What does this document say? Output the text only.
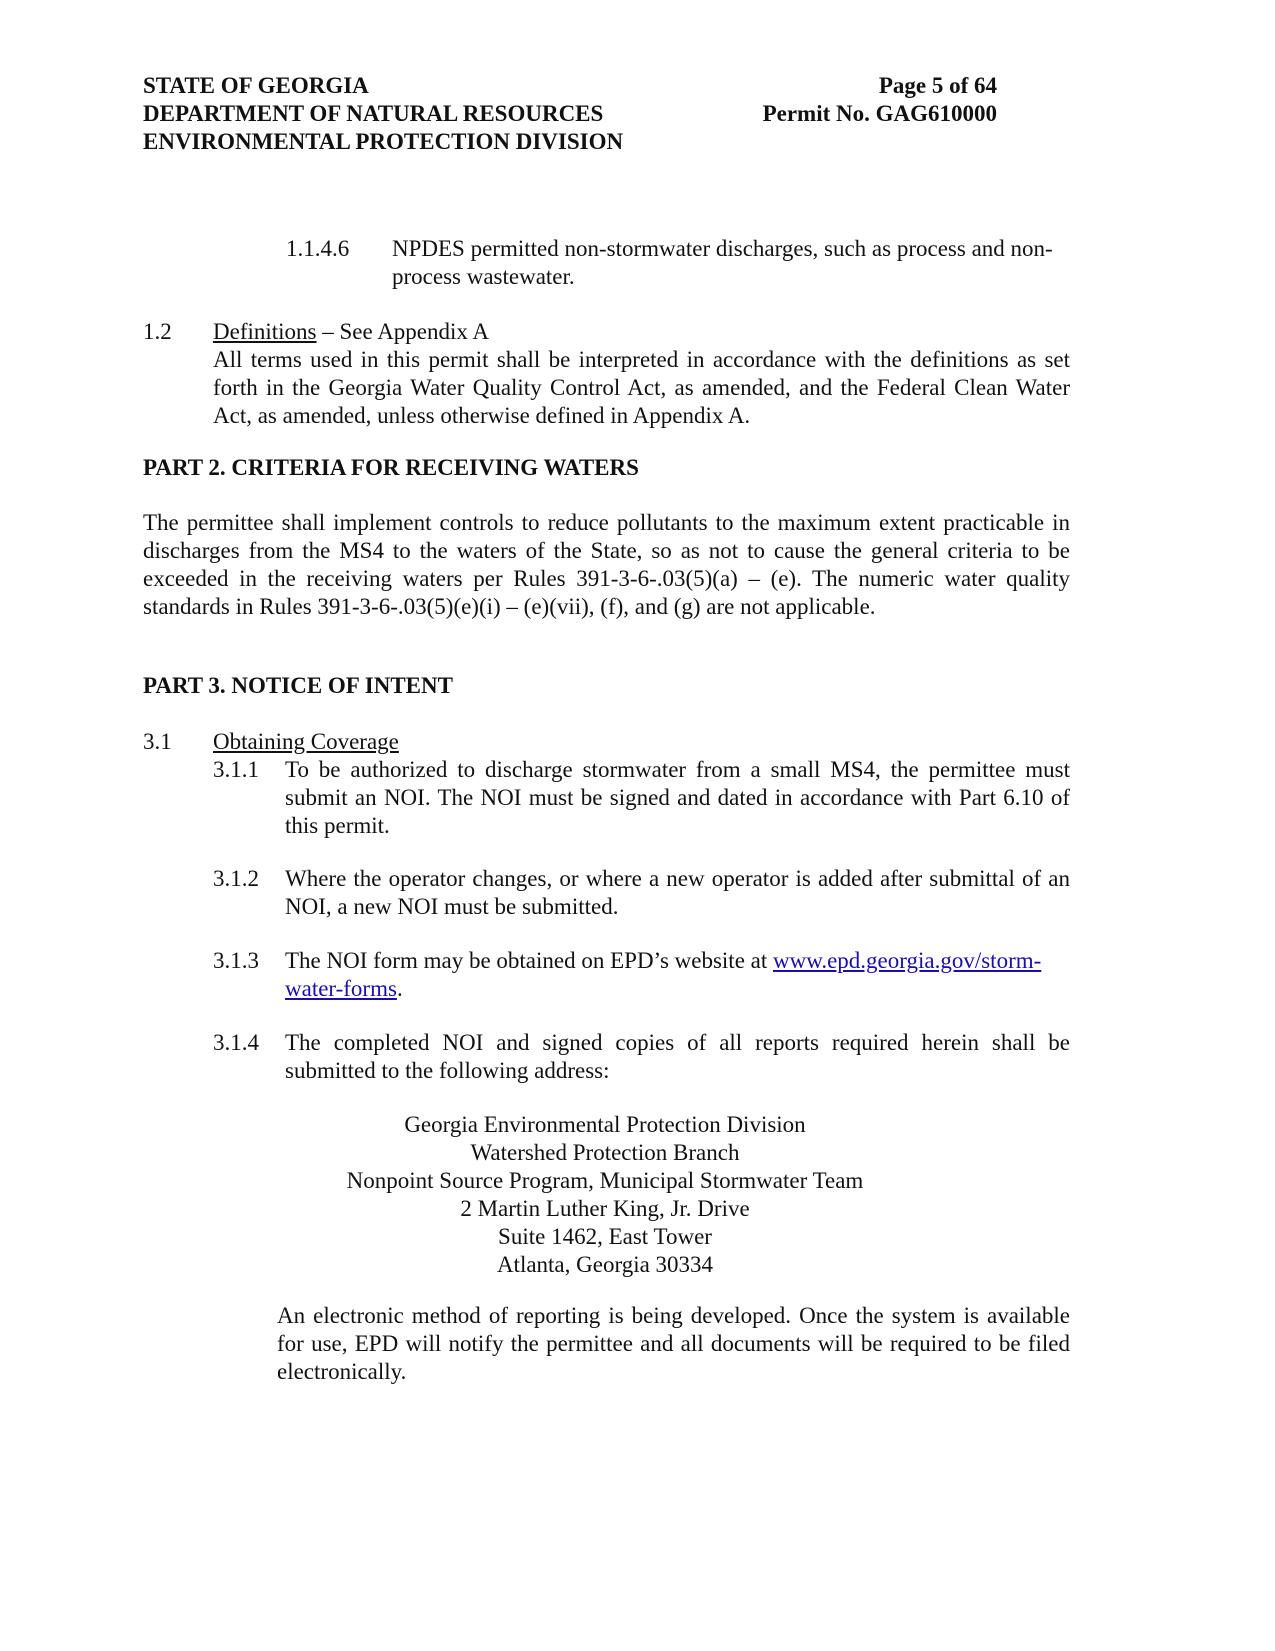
STATE OF GEORGIA
DEPARTMENT OF NATURAL RESOURCES
ENVIRONMENTAL PROTECTION DIVISION
Page 5 of 64
Permit No. GAG610000
1.1.4.6 NPDES permitted non-stormwater discharges, such as process and non-process wastewater.
1.2 Definitions – See Appendix A
All terms used in this permit shall be interpreted in accordance with the definitions as set forth in the Georgia Water Quality Control Act, as amended, and the Federal Clean Water Act, as amended, unless otherwise defined in Appendix A.
PART 2. CRITERIA FOR RECEIVING WATERS
The permittee shall implement controls to reduce pollutants to the maximum extent practicable in discharges from the MS4 to the waters of the State, so as not to cause the general criteria to be exceeded in the receiving waters per Rules 391-3-6-.03(5)(a) – (e). The numeric water quality standards in Rules 391-3-6-.03(5)(e)(i) – (e)(vii), (f), and (g) are not applicable.
PART 3. NOTICE OF INTENT
3.1 Obtaining Coverage
3.1.1 To be authorized to discharge stormwater from a small MS4, the permittee must submit an NOI. The NOI must be signed and dated in accordance with Part 6.10 of this permit.
3.1.2 Where the operator changes, or where a new operator is added after submittal of an NOI, a new NOI must be submitted.
3.1.3 The NOI form may be obtained on EPD’s website at www.epd.georgia.gov/storm-water-forms.
3.1.4 The completed NOI and signed copies of all reports required herein shall be submitted to the following address:
Georgia Environmental Protection Division
Watershed Protection Branch
Nonpoint Source Program, Municipal Stormwater Team
2 Martin Luther King, Jr. Drive
Suite 1462, East Tower
Atlanta, Georgia 30334
An electronic method of reporting is being developed. Once the system is available for use, EPD will notify the permittee and all documents will be required to be filed electronically.
